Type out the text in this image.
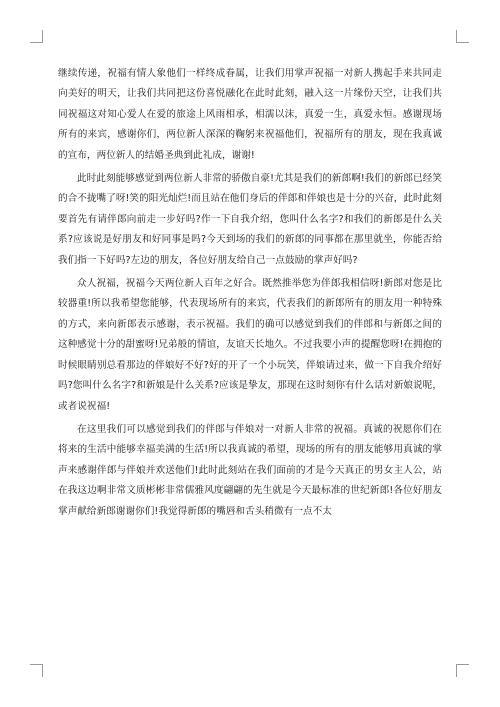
继续传递，祝福有情人象他们一样终成眷属，让我们用掌声祝福一对新人携起手来共同走向美好的明天，让我们共同把这份喜悦融化在此时此刻，融入这一片缘份天空，让我们共同祝福这对知心爱人在爱的旅途上风雨相承，相濡以沫，真爱一生，真爱永恒。感谢现场所有的来宾，感谢你们，两位新人深深的鞠躬来祝福他们，祝福所有的朋友，现在我真诚的宣布，两位新人的结婚圣典到此礼成，谢谢!

此时此刻能够感觉到两位新人非常的骄傲自豪!尤其是我们的新郎啊!我们的新郎已经笑的合不拢嘴了呀!笑的阳光灿烂!而且站在他们身后的伴郎和伴娘也是十分的兴奋，此时此刻要首先有请伴郎向前走一步好吗?作一下自我介绍，您叫什么名字?和我们的新郎是什么关系?应该说是好朋友和好同事是吗?今天到场的我们的新郎的同事都在那里就坐，你能否给我们指一下好吗?左边的朋友，各位好朋友给自己一点鼓励的掌声好吗?

众人祝福，祝福今天两位新人百年之好合。既然推举您为伴郎我相信呀!新郎对您是比较器重!所以我希望您能够，代表现场所有的来宾，代表我们的新郎所有的朋友用一种特殊的方式，来向新郎表示感谢，表示祝福。我们的确可以感觉到我们的伴郎和与新郎之间的这种感觉十分的甜蜜呀!兄弟般的情谊，友谊天长地久。不过我要小声的提醒您呀!在拥抱的时候眼睛别总看那边的伴娘好不好?好的开了一个小玩笑，伴娘请过来，做一下自我介绍好吗?您叫什么名字?和新娘是什么关系?应该是挚友，那现在这时刻你有什么话对新娘说呢，或者说祝福!

在这里我们可以感觉到我们的伴郎与伴娘对一对新人非常的祝福。真诚的祝愿你们在将来的生活中能够幸福美满的生活!所以我真诚的希望，现场的所有的朋友能够用真诚的掌声来感谢伴郎与伴娘并欢送他们!此时此刻站在我们面前的才是今天真正的男女主人公，站在我这边啊非常文质彬彬非常儒雅风度翩翩的先生就是今天最标准的世纪新郎!各位好朋友掌声献给新郎谢谢你们!我觉得新郎的嘴唇和舌头稍微有一点不太
